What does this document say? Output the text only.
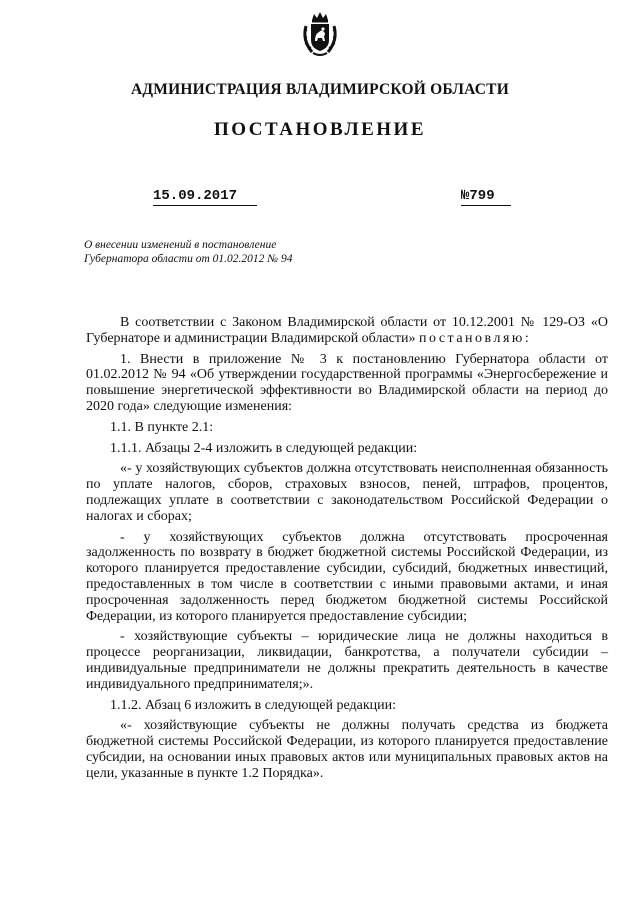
АДМИНИСТРАЦИЯ ВЛАДИМИРСКОЙ ОБЛАСТИ
ПОСТАНОВЛЕНИЕ
15.09.2017	№799
О внесении изменений в постановление
Губернатора области от 01.02.2012 № 94

В соответствии с Законом Владимирской области от 10.12.2001 № 129-ОЗ «О Губернаторе и администрации Владимирской области» постановляю:

1. Внести в приложение № 3 к постановлению Губернатора области от 01.02.2012 № 94 «Об утверждении государственной программы «Энергосбережение и повышение энергетической эффективности во Владимирской области на период до 2020 года» следующие изменения:

1.1. В пункте 2.1:

1.1.1. Абзацы 2-4 изложить в следующей редакции:

«- у хозяйствующих субъектов должна отсутствовать неисполненная обязанность по уплате налогов, сборов, страховых взносов, пеней, штрафов, процентов, подлежащих уплате в соответствии с законодательством Российской Федерации о налогах и сборах;

- у хозяйствующих субъектов должна отсутствовать просроченная задолженность по возврату в бюджет бюджетной системы Российской Федерации, из которого планируется предоставление субсидии, субсидий, бюджетных инвестиций, предоставленных в том числе в соответствии с иными правовыми актами, и иная просроченная задолженность перед бюджетом бюджетной системы Российской Федерации, из которого планируется предоставление субсидии;

- хозяйствующие субъекты – юридические лица не должны находиться в процессе реорганизации, ликвидации, банкротства, а получатели субсидии – индивидуальные предприниматели не должны прекратить деятельность в качестве индивидуального предпринимателя;».

1.1.2. Абзац 6 изложить в следующей редакции:

«- хозяйствующие субъекты не должны получать средства из бюджета бюджетной системы Российской Федерации, из которого планируется предоставление субсидии, на основании иных правовых актов или муниципальных правовых актов на цели, указанные в пункте 1.2 Порядка».
